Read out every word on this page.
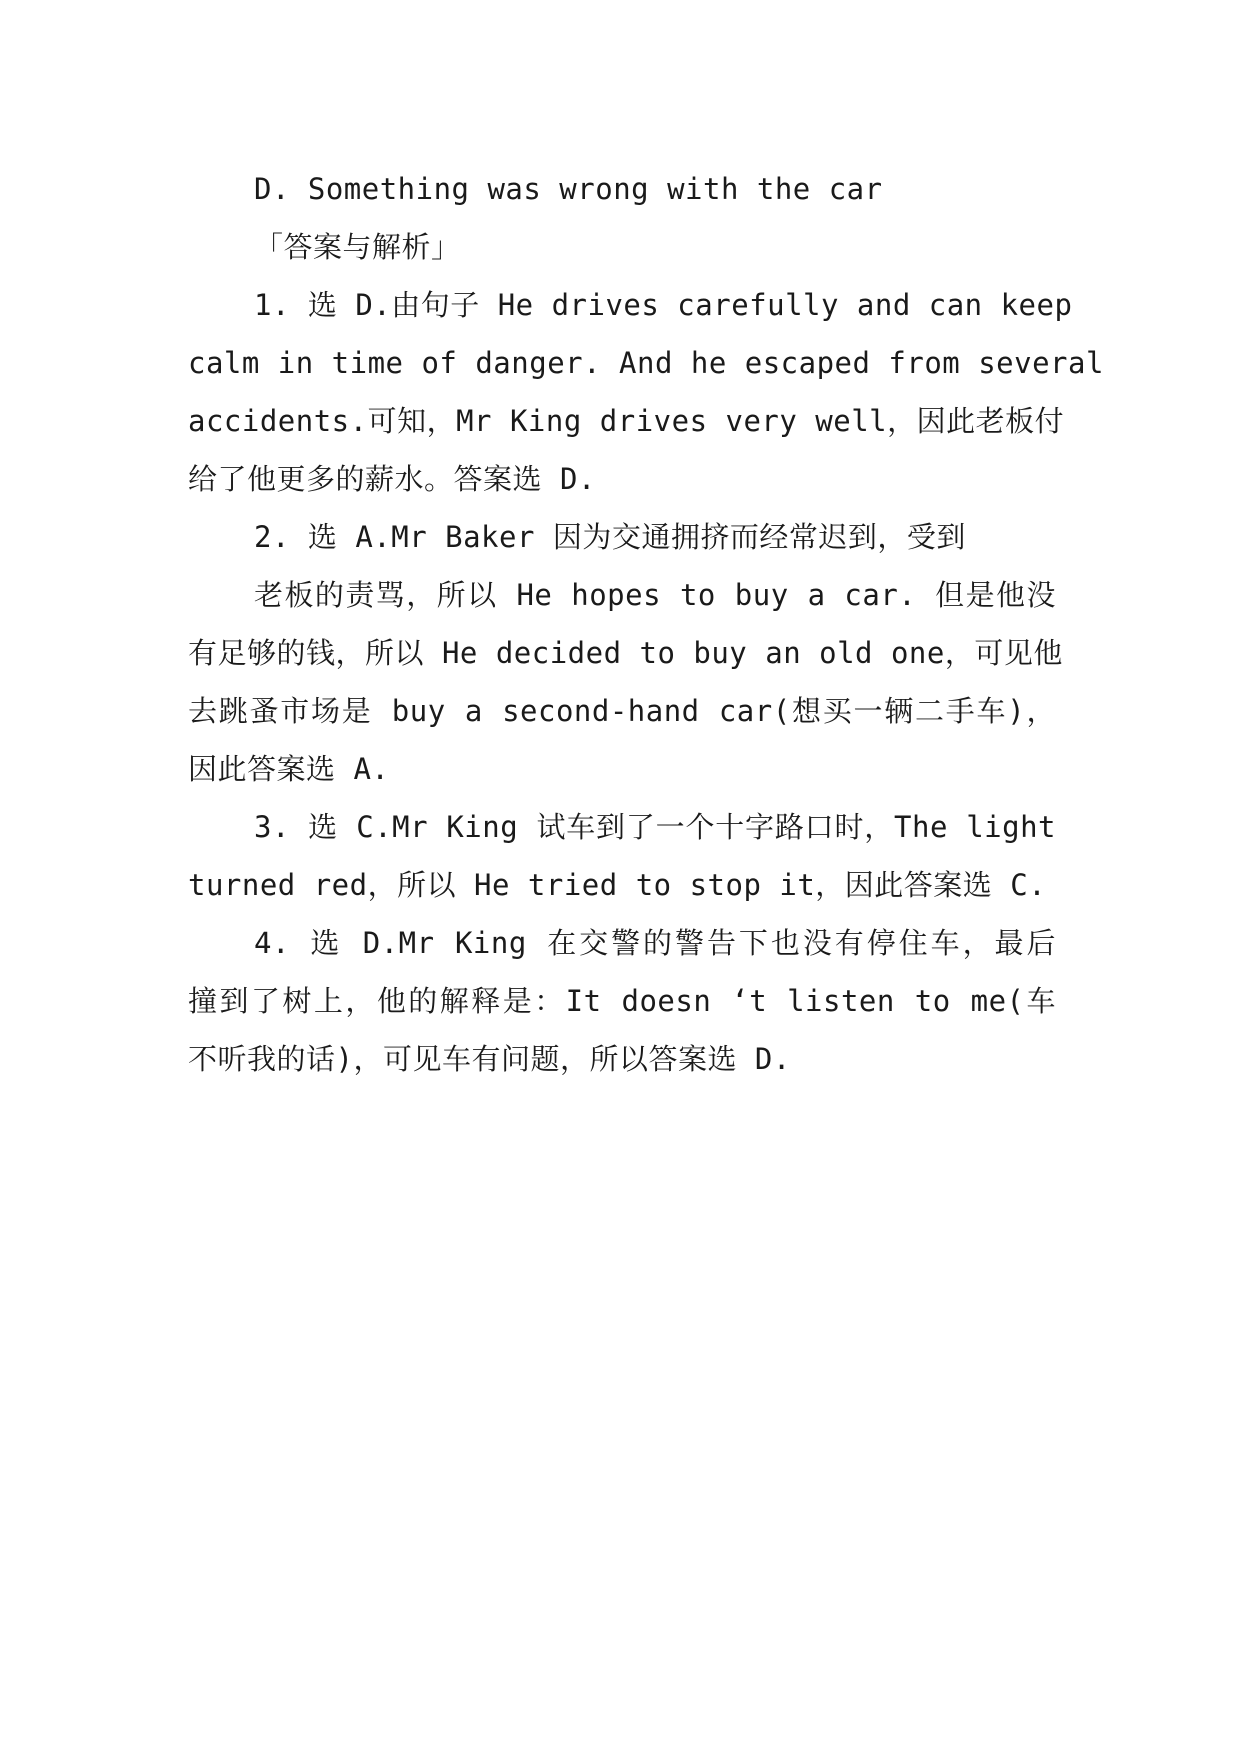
D. Something was wrong with the car
「答案与解析」
1. 选 D.由句子 He drives carefully and can keep
calm in time of danger. And he escaped from several
accidents.可知，Mr King drives very well，因此老板付
给了他更多的薪水。答案选 D.
2. 选 A.Mr Baker 因为交通拥挤而经常迟到，受到
老板的责骂，所以 He hopes to buy a car. 但是他没
有足够的钱，所以 He decided to buy an old one，可见他
去跳蚤市场是 buy a second-hand car(想买一辆二手车)，
因此答案选 A.
3. 选 C.Mr King 试车到了一个十字路口时，The light
turned red，所以 He tried to stop it，因此答案选 C.
4. 选 D.Mr King 在交警的警告下也没有停住车，最后
撞到了树上，他的解释是：It doesn ‘t listen to me(车
不听我的话)，可见车有问题，所以答案选 D.
